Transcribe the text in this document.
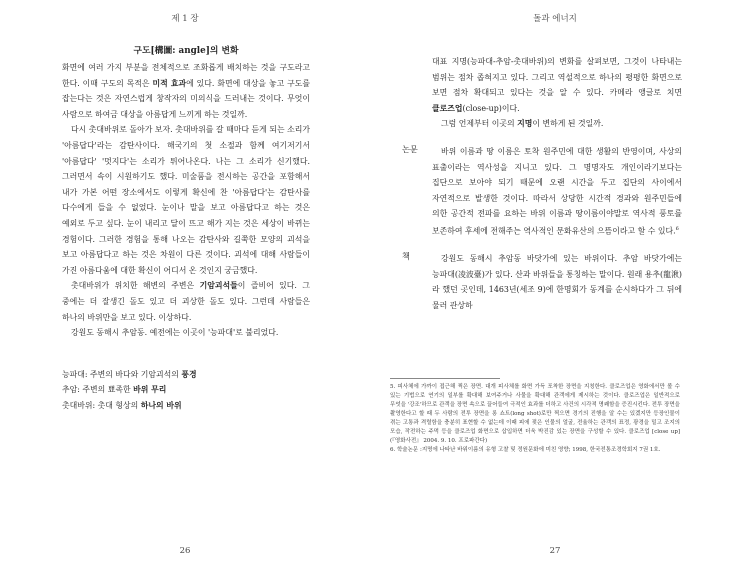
제 1 장
구도[構圖: angle]의 변화

화면에 여러 가지 부분을 전체적으로 조화롭게 배치하는 것을 구도라고 한다. 이때 구도의 목적은 미적 효과에 있다. 화면에 대상을 놓고 구도를 잡는다는 것은 자연스럽게 창작자의 미의식을 드러내는 것이다. 무엇이 사람으로 하여금 대상을 아름답게 느끼게 하는 것일까.

다시 촛대바위로 돌아가 보자. 촛대바위를 갈 때마다 듣게 되는 소리가 '아름답다'라는 감탄사이다. 해국기의 첫 소절과 함께 여기저기서 '아름답다' '멋지다'는 소리가 튀어나온다. 나는 그 소리가 신기했다. 그러면서 속이 시원하기도 했다. 미술품을 전시하는 공간을 포함해서 내가 가본 어떤 장소에서도 이렇게 확신에 찬 '아름답다'는 감탄사를 다수에게 들을 수 없었다. 눈이나 말을 보고 아름답다고 하는 것은 예외로 두고 싶다. 눈이 내리고 달이 뜨고 해가 지는 것은 세상이 바뀌는 경험이다. 그러한 경험을 통해 나오는 감탄사와 길쭉한 모양의 괴석을 보고 아름답다고 하는 것은 차원이 다른 것이다. 괴석에 대해 사람들이 가진 아름다움에 대한 확신이 어디서 온 것인지 궁금했다.

촛대바위가 위치한 해변의 주변은 기암괴석들이 즐비어 있다. 그 중에는 더 잘생긴 돌도 있고 더 괴상한 돌도 있다. 그런데 사람들은 하나의 바위만을 보고 있다. 이상하다.

강원도 동해시 추암동. 예전에는 이곳이 '능파대'로 불리었다.

능파대: 주변의 바다와 기암괴석의 풍경
추암: 주변의 뾰족한 바위 무리
촛대바위: 촛대 형상의 하나의 바위
26
돌과 에너지

대표 지명(능파대-추암-촛대바위)의 변화를 살펴보면, 그것이 나타내는 범위는 점차 좁혀지고 있다. 그리고 역설적으로 하나의 평평한 화면으로 보면 점차 확대되고 있다는 것을 알 수 있다. 카메라 앵글로 치면 클로즈업(close-up)이다.

그럼 언제부터 이곳의 지명이 변하게 된 것일까.

논문	바위 이름과 땅 이름은 토착 원주민에 대한 생활의 반영이며, 사상의 표출이라는 역사성을 지니고 있다. 그 명명자도 개인이라기보다는 집단으로 보아야 되기 때문에 오랜 시간을 두고 집단의 사이에서 자연적으로 발생한 것이다. 따라서 상당한 시간적 경과와 원주민들에 의한 공간적 전파를 요하는 바위 이름과 땅이름이야말로 역사적 풍토를 보존하여 후세에 전해주는 역사적인 문화유산의 으뜸이라고 할 수 있다.$^6$

책	강원도 동해시 추암동 바닷가에 있는 바위이다. 추암 바닷가에는 능파대(凌波臺)가 있다. 산과 바위들을 통칭하는 말이다. 원래 용추(龍湫)라 했던 곳인데, 1463년(세조 9)에 한명회가 동계를 순시하다가 그 뒤에 물러 관상하

5. 피사체에 가까이 접근해 찍은 장면. 대개 피사체를 화면 가득 포착한 장면을 지칭한다. 클로즈업은 영화에서만 볼 수 있는 기법으로 연기의 일부를 확대해 보여주거나 사물을 확대해 관객에게 제시하는 것이다. 클로즈업은 일반적으로 무엇을 '강조'하므로 관객을 장면 속으로 끌어들여 극적인 효과를 더하고 사건의 시각적 명쾌함을 증진시킨다. 전투 장면을 촬영한다고 할 때 두 사람의 전투 장면을 롱 쇼트(long shot)로만 찍으면 경기의 진행을 알 수는 있겠지만 등장인물이 겪는 고통과 격렬함을 충분히 표현할 수 없는데 이때 피에 젖은 인물의 얼굴, 전율하는 관객의 표정, 광경을 밀고 조지의 모습, 작전하는 주먹 등을 클로즈업 화면으로 삽입하면 더욱 박진감 있는 장면을 구성할 수 있다. 클로즈업 [close up] (『영화사전』 2004. 9. 10. 프로파간다)
6. 학술논문 :지명에 나타난 바위이름의 유형 고찰 및 정원문화에 미친 영향; 1998, 한국전통조경학회지 7권 1호.
27
